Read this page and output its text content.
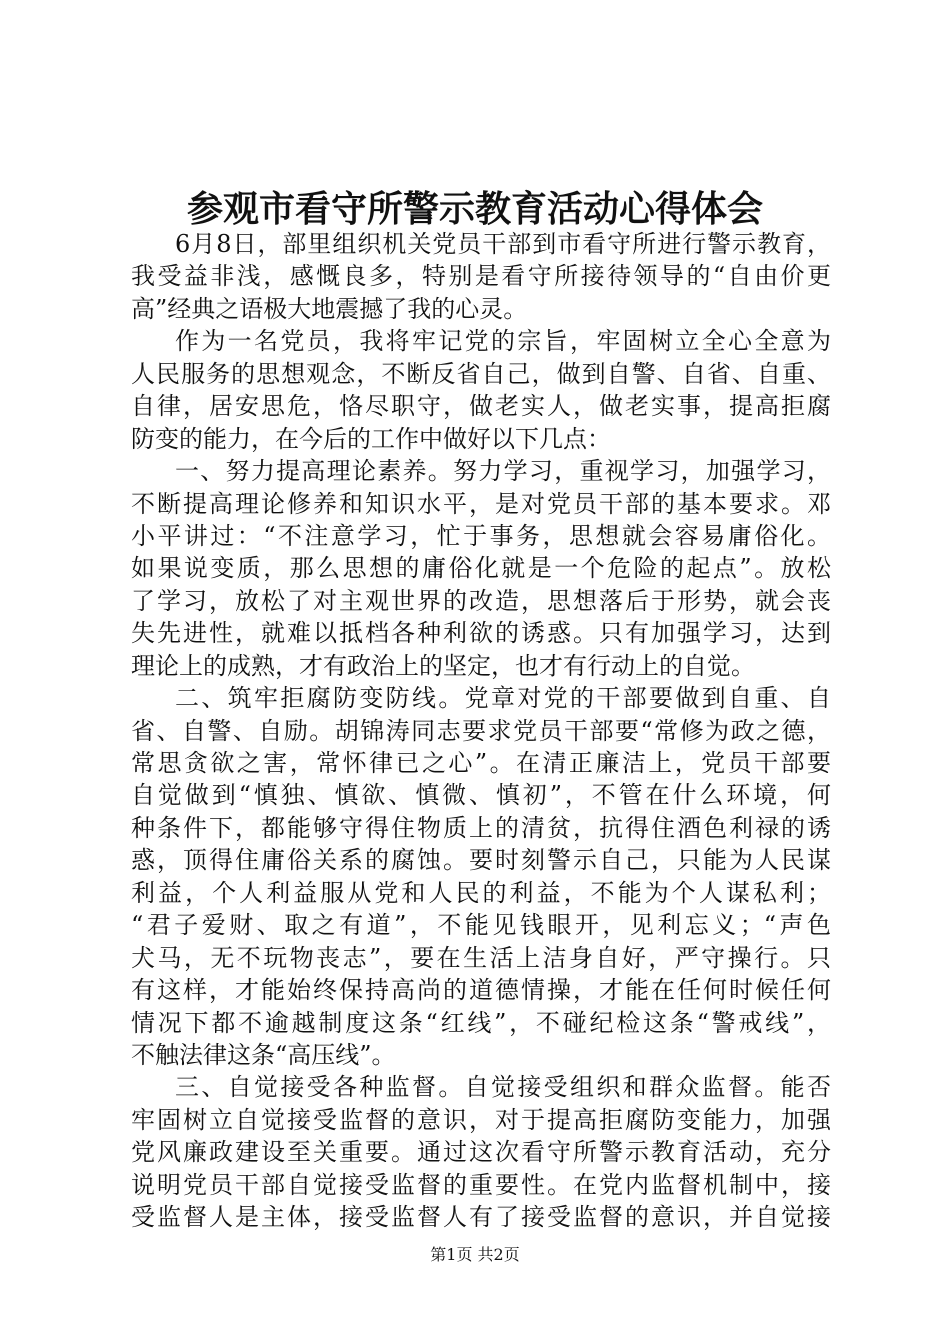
参观市看守所警示教育活动心得体会
6月8日，部里组织机关党员干部到市看守所进行警示教育，
我受益非浅，感慨良多，特别是看守所接待领导的“自由价更
高”经典之语极大地震撼了我的心灵。
作为一名党员，我将牢记党的宗旨，牢固树立全心全意为
人民服务的思想观念，不断反省自己，做到自警、自省、自重、
自律，居安思危，恪尽职守，做老实人，做老实事，提高拒腐
防变的能力，在今后的工作中做好以下几点：
一、努力提高理论素养。努力学习，重视学习，加强学习，
不断提高理论修养和知识水平，是对党员干部的基本要求。邓
小平讲过：“不注意学习，忙于事务，思想就会容易庸俗化。
如果说变质，那么思想的庸俗化就是一个危险的起点”。放松
了学习，放松了对主观世界的改造，思想落后于形势，就会丧
失先进性，就难以抵档各种利欲的诱惑。只有加强学习，达到
理论上的成熟，才有政治上的坚定，也才有行动上的自觉。
二、筑牢拒腐防变防线。党章对党的干部要做到自重、自
省、自警、自励。胡锦涛同志要求党员干部要“常修为政之德，
常思贪欲之害，常怀律已之心”。在清正廉洁上，党员干部要
自觉做到“慎独、慎欲、慎微、慎初”，不管在什么环境，何
种条件下，都能够守得住物质上的清贫，抗得住酒色利禄的诱
惑，顶得住庸俗关系的腐蚀。要时刻警示自己，只能为人民谋
利益，个人利益服从党和人民的利益，不能为个人谋私利；
“君子爱财、取之有道”，不能见钱眼开，见利忘义；“声色
犬马，无不玩物丧志”，要在生活上洁身自好，严守操行。只
有这样，才能始终保持高尚的道德情操，才能在任何时候任何
情况下都不逾越制度这条“红线”，不碰纪检这条“警戒线”，
不触法律这条“高压线”。
三、自觉接受各种监督。自觉接受组织和群众监督。能否
牢固树立自觉接受监督的意识，对于提高拒腐防变能力，加强
党风廉政建设至关重要。通过这次看守所警示教育活动，充分
说明党员干部自觉接受监督的重要性。在党内监督机制中，接
受监督人是主体，接受监督人有了接受监督的意识，并自觉接
第1页 共2页
